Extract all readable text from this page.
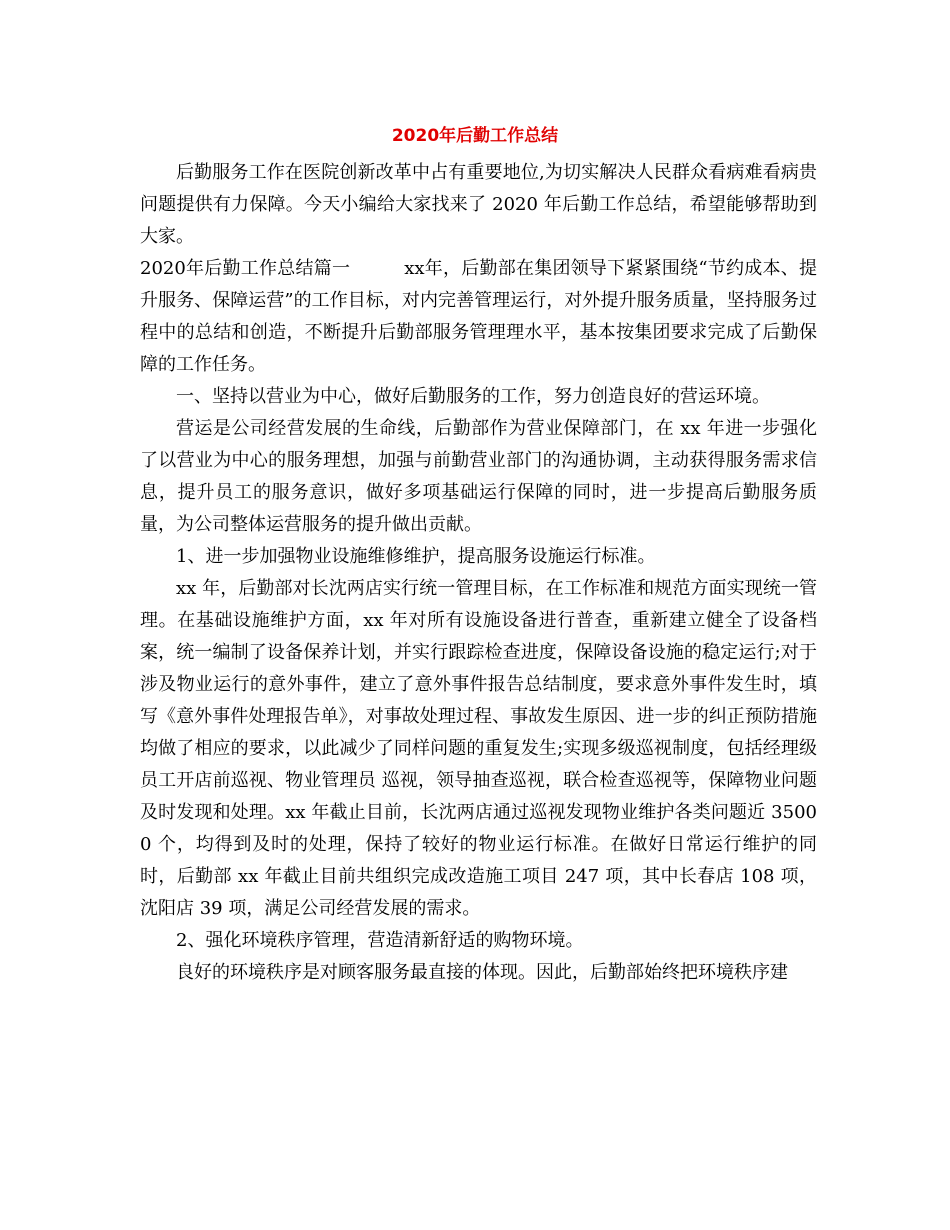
2020年后勤工作总结

后勤服务工作在医院创新改革中占有重要地位,为切实解决人民群众看病难看病贵问题提供有力保障。今天小编给大家找来了 2020 年后勤工作总结，希望能够帮助到大家。

2020年后勤工作总结篇一	xx年，后勤部在集团领导下紧紧围绕“节约成本、提升服务、保障运营”的工作目标，对内完善管理运行，对外提升服务质量，坚持服务过程中的总结和创造，不断提升后勤部服务管理理水平，基本按集团要求完成了后勤保障的工作任务。

一、坚持以营业为中心，做好后勤服务的工作，努力创造良好的营运环境。

营运是公司经营发展的生命线，后勤部作为营业保障部门，在 xx 年进一步强化了以营业为中心的服务理想，加强与前勤营业部门的沟通协调，主动获得服务需求信息，提升员工的服务意识，做好多项基础运行保障的同时，进一步提高后勤服务质量，为公司整体运营服务的提升做出贡献。

1、进一步加强物业设施维修维护，提高服务设施运行标准。

xx 年，后勤部对长沈两店实行统一管理目标，在工作标准和规范方面实现统一管理。在基础设施维护方面，xx 年对所有设施设备进行普查，重新建立健全了设备档案，统一编制了设备保养计划，并实行跟踪检查进度，保障设备设施的稳定运行;对于涉及物业运行的意外事件，建立了意外事件报告总结制度，要求意外事件发生时，填写《意外事件处理报告单》，对事故处理过程、事故发生原因、进一步的纠正预防措施均做了相应的要求，以此减少了同样问题的重复发生;实现多级巡视制度，包括经理级员工开店前巡视、物业管理员 巡视，领导抽查巡视，联合检查巡视等，保障物业问题及时发现和处理。xx 年截止目前，长沈两店通过巡视发现物业维护各类问题近 35000 个，均得到及时的处理，保持了较好的物业运行标准。在做好日常运行维护的同时，后勤部 xx 年截止目前共组织完成改造施工项目 247 项，其中长春店 108 项，沈阳店 39 项，满足公司经营发展的需求。

2、强化环境秩序管理，营造清新舒适的购物环境。

良好的环境秩序是对顾客服务最直接的体现。因此，后勤部始终把环境秩序建
